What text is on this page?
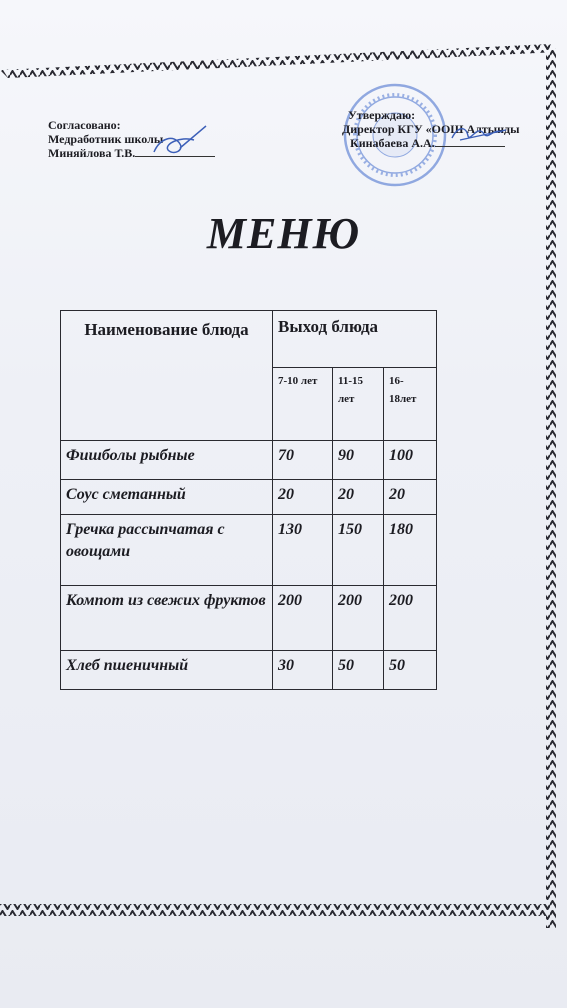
Согласовано:
Медработник школы
Миняйлова Т.В.
Утверждаю:
Директор КГУ «ООШ Алтынды
Кинабаева А.А.
МЕНЮ
Наименование блюда	Выход блюда		
	7-10 лет	11-15 лет	16-18лет
Фишболы рыбные	70	90	100
Соус сметанный	20	20	20
Гречка рассыпчатая с овощами	130	150	180
Компот из свежих фруктов	200	200	200
Хлеб пшеничный	30	50	50
